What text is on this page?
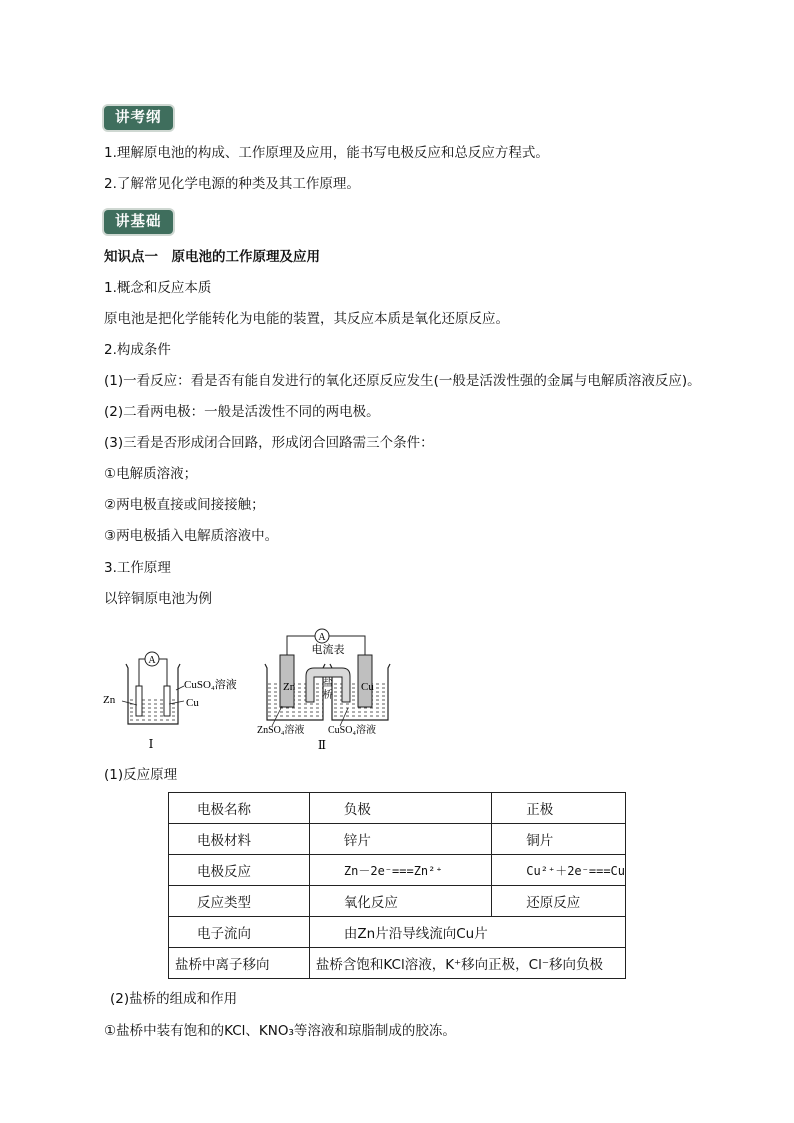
讲考纲
1.理解原电池的构成、工作原理及应用，能书写电极反应和总反应方程式。
2.了解常见化学电源的种类及其工作原理。
讲基础
知识点一　原电池的工作原理及应用
1.概念和反应本质
原电池是把化学能转化为电能的装置，其反应本质是氧化还原反应。
2.构成条件
(1)一看反应：看是否有能自发进行的氧化还原反应发生(一般是活泼性强的金属与电解质溶液反应)。
(2)二看两电极：一般是活泼性不同的两电极。
(3)三看是否形成闭合回路，形成闭合回路需三个条件：
①电解质溶液；
②两电极直接或间接接触；
③两电极插入电解质溶液中。
3.工作原理
以锌铜原电池为例
A
Zn	Cu
CuSO₄溶液
Ⅰ
A
电流表
Zn	Cu
盐
桥
ZnSO₄溶液 CuSO₄溶液
Ⅱ
(1)反应原理
电极名称	负极	正极
电极材料	锌片	铜片
电极反应	Zn－2e⁻===Zn²⁺	Cu²⁺＋2e⁻===Cu
反应类型	氧化反应	还原反应
电子流向	由Zn片沿导线流向Cu片	
盐桥中离子移向	盐桥含饱和KCl溶液，K⁺移向正极，Cl⁻移向负极	
(2)盐桥的组成和作用
①盐桥中装有饱和的KCl、KNO₃等溶液和琼脂制成的胶冻。
